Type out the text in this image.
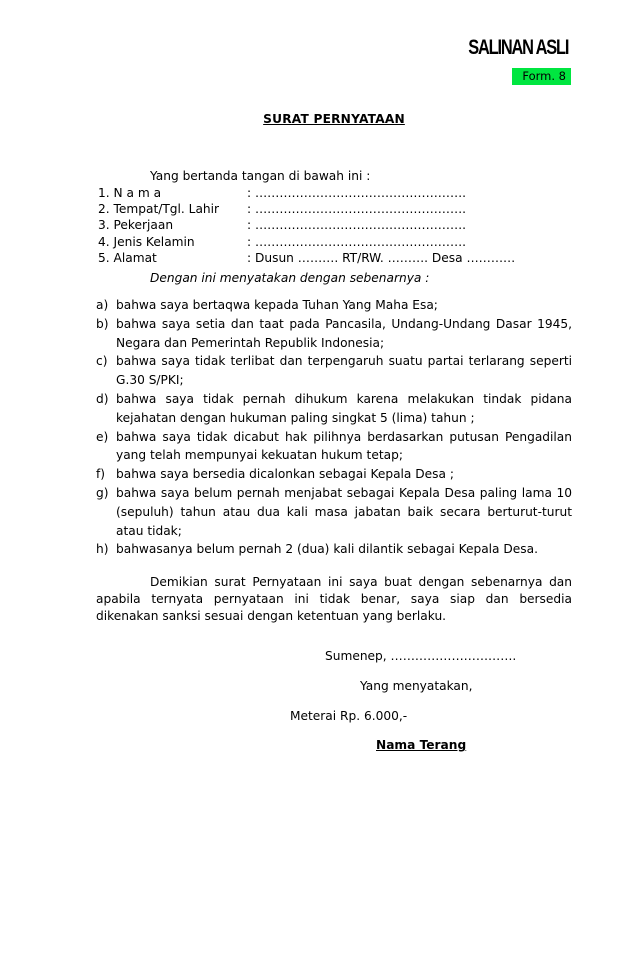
SALINAN ASLI
Form. 8
SURAT PERNYATAAN
Yang bertanda tangan di bawah ini :
1. N a m a	: …………………………………………….
2. Tempat/Tgl. Lahir : …………………………………………….
3. Pekerjaan	: …………………………………………….
4. Jenis Kelamin	: …………………………………………….
5. Alamat	: Dusun ………. RT/RW. ………. Desa …………
Dengan ini menyatakan dengan sebenarnya :
a) bahwa saya bertaqwa kepada Tuhan Yang Maha Esa;
b) bahwa saya setia dan taat pada Pancasila, Undang-Undang Dasar 1945, Negara dan Pemerintah Republik Indonesia;
c) bahwa saya tidak terlibat dan terpengaruh suatu partai terlarang seperti G.30 S/PKI;
d) bahwa saya tidak pernah dihukum karena melakukan tindak pidana kejahatan dengan hukuman paling singkat 5 (lima) tahun ;
e) bahwa saya tidak dicabut hak pilihnya berdasarkan putusan Pengadilan yang telah mempunyai kekuatan hukum tetap;
f) bahwa saya bersedia dicalonkan sebagai Kepala Desa ;
g) bahwa saya belum pernah menjabat sebagai Kepala Desa paling lama 10 (sepuluh) tahun atau dua kali masa jabatan baik secara berturut-turut atau tidak;
h) bahwasanya belum pernah 2 (dua) kali dilantik sebagai Kepala Desa.
Demikian surat Pernyataan ini saya buat dengan sebenarnya dan apabila ternyata pernyataan ini tidak benar, saya siap dan bersedia dikenakan sanksi sesuai dengan ketentuan yang berlaku.
Sumenep, ………………………….
Yang menyatakan,
Meterai Rp. 6.000,-
Nama Terang
